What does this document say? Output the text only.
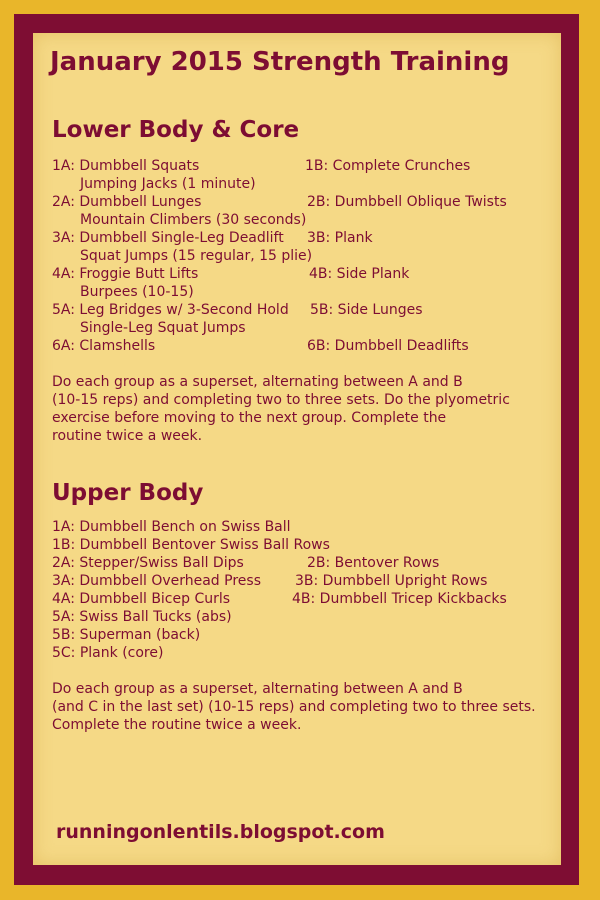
January 2015 Strength Training
Lower Body & Core
1A: Dumbbell Squats	1B: Complete Crunches
Jumping Jacks (1 minute)
2A: Dumbbell Lunges	2B: Dumbbell Oblique Twists
Mountain Climbers (30 seconds)
3A: Dumbbell Single-Leg Deadlift 3B: Plank
Squat Jumps (15 regular, 15 plie)
4A: Froggie Butt Lifts	4B: Side Plank
Burpees (10-15)
5A: Leg Bridges w/ 3-Second Hold 5B: Side Lunges
Single-Leg Squat Jumps
6A: Clamshells	6B: Dumbbell Deadlifts
Do each group as a superset, alternating between A and B
(10-15 reps) and completing two to three sets. Do the plyometric
exercise before moving to the next group. Complete the
routine twice a week.
Upper Body
1A: Dumbbell Bench on Swiss Ball
1B: Dumbbell Bentover Swiss Ball Rows
2A: Stepper/Swiss Ball Dips	2B: Bentover Rows
3A: Dumbbell Overhead Press 3B: Dumbbell Upright Rows
4A: Dumbbell Bicep Curls	4B: Dumbbell Tricep Kickbacks
5A: Swiss Ball Tucks (abs)
5B: Superman (back)
5C: Plank (core)
Do each group as a superset, alternating between A and B
(and C in the last set) (10-15 reps) and completing two to three sets.
Complete the routine twice a week.
runningonlentils.blogspot.com
